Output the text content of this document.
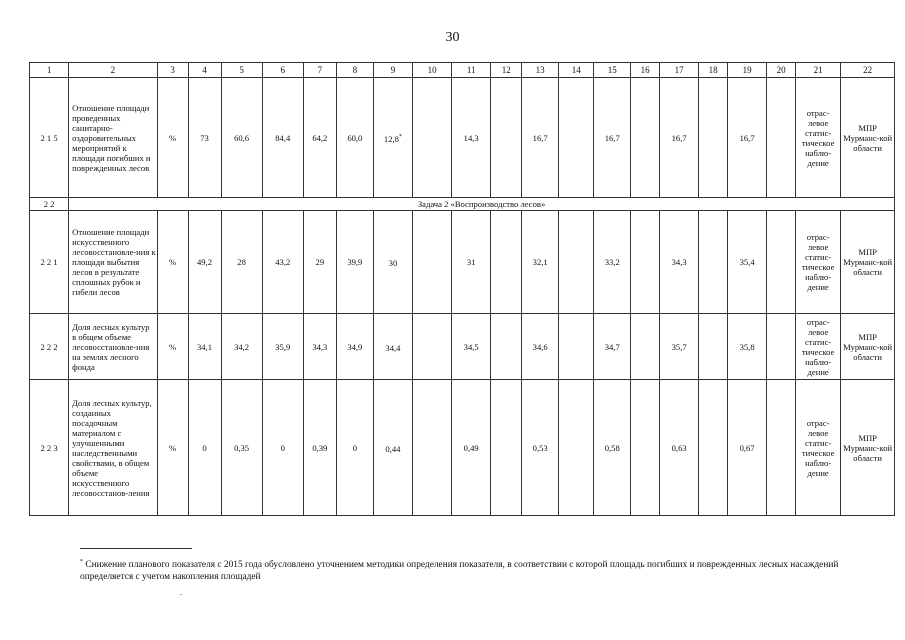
30
1	2	3	4	5	6	7	8	9	10	11	12	13	14	15	16	17	18	19	20	21	22
2 1 5	Отношение площади проведенных санитарно-оздоровительных мероприятий к площади погибших и поврежденных лесов	%	73	60,6	84,4	64,2	60,0	12,8*		14,3		16,7		16,7		16,7		16,7		отрас-левое статис-тическое наблю-дение	МПР Мурманс-кой области
2 2	Задача 2 «Воспроизводство лесов»																				
2 2 1	Отношение площади искусственного лесовосстановле-ния к площади выбытия лесов в результате сплошных рубок и гибели лесов	%	49,2	28	43,2	29	39,9	30		31		32,1		33,2		34,3		35,4		отрас-левое статис-тическое наблю-дение	МПР Мурманс-кой области
2 2 2	Доля лесных культур в общем объеме лесовосстановле-ния на землях лесного фонда	%	34,1	34,2	35,9	34,3	34,9	34,4		34,5		34,6		34,7		35,7		35,8		отрас-левое статис-тическое наблю-дение	МПР Мурманс-кой области
2 2 3	Доля лесных культур, созданных посадочным материалом с улучшенными наследственными свойствами, в общем объеме искусственного лесовосстанов-ления	%	0	0,35	0	0,39	0	0,44		0,49		0,53		0,58		0,63		0,67		отрас-левое статис-тическое наблю-дение	МПР Мурманс-кой области
* Снижение планового показателя с 2015 года обусловлено уточнением методики определения показателя, в соответствии с которой площадь погибших и поврежденных лесных насаждений определяется с учетом накопления площадей
.
